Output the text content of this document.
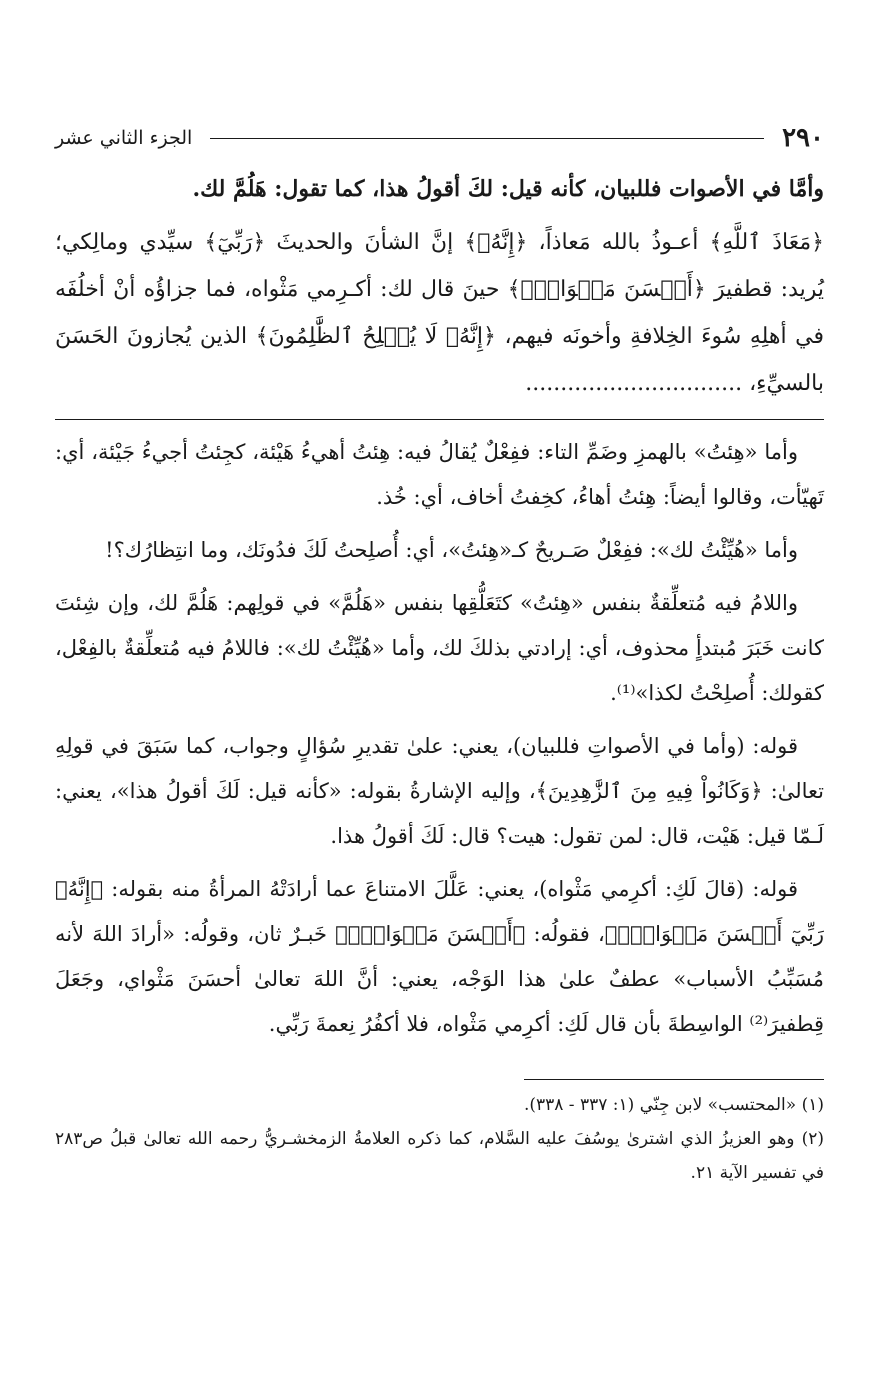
٢٩٠
الجزء الثاني عشر

وأمَّا في الأصوات فللبيان، كأنه قيل: لكَ أقولُ هذا، كما تقول: هَلُمَّ لك.

﴿مَعَاذَ ٱللَّهِ﴾ أعـوذُ بالله مَعاذاً، ﴿إِنَّهُۥ﴾ إنَّ الشأنَ والحديثَ ﴿رَبِّيٓ﴾ سيِّدي ومالِكي؛ يُريد: قطفيرَ ﴿أَحۡسَنَ مَثۡوَايَۖ﴾ حينَ قال لك: أكـرِمي مَثْواه، فما جزاؤُه أنْ أخلُفَه في أهلِهِ سُوءَ الخِلافةِ وأخونَه فيهم، ﴿إِنَّهُۥ لَا يُفۡلِحُ ٱلظَّٰلِمُونَ﴾ الذين يُجازونَ الحَسَنَ بالسيِّءِ، ...............................

وأما «هِئتُ» بالهمزِ وضَمِّ التاء: ففِعْلٌ يُقالُ فيه: هِئتُ أهيءُ هَيْئة، كجِئتُ أجيءُ جَيْئة، أي: تَهيّأت، وقالوا أيضاً: هِئتُ أهاءُ، كخِفتُ أخاف، أي: خُذ.

وأما «هُيِّئْتُ لك»: ففِعْلٌ صَـريحٌ كـ«هِئتُ»، أي: أُصلِحتُ لَكَ فدُونَك، وما انتِظارُك؟!

واللامُ فيه مُتعلِّقةٌ بنفس «هِئتُ» كتَعَلُّقِها بنفس «هَلُمَّ» في قولِهم: هَلُمَّ لك، وإن شِئتَ كانت خَبَرَ مُبتدأٍ محذوف، أي: إرادتي بذلكَ لك، وأما «هُيِّئْتُ لك»: فاللامُ فيه مُتعلِّقةٌ بالفِعْل، كقولك: أُصلِحْتُ لكذا»⁽¹⁾.

قوله: (وأما في الأصواتِ فللبيان)، يعني: علىٰ تقديرِ سُؤالٍ وجواب، كما سَبَقَ في قولِهِ تعالىٰ: ﴿وَكَانُواْ فِيهِ مِنَ ٱلزَّٰهِدِينَ﴾، وإليه الإشارةُ بقوله: «كأنه قيل: لَكَ أقولُ هذا»، يعني: لَـمّا قيل: هَيْت، قال: لمن تقول: هيت؟ قال: لَكَ أقولُ هذا.

قوله: (قالَ لَكِ: أكرِمي مَثْواه)، يعني: عَلَّلَ الامتناعَ عما أرادَتْهُ المرأةُ منه بقوله: ﴿إِنَّهُۥ رَبِّيٓ أَحۡسَنَ مَثۡوَايَۖ﴾، فقولُه: ﴿أَحۡسَنَ مَثۡوَايَۖ﴾ خَبـرٌ ثان، وقولُه: «أرادَ اللهَ لأنه مُسَبِّبُ الأسباب» عطفٌ علىٰ هذا الوَجْه، يعني: أنَّ اللهَ تعالىٰ أحسَنَ مَثْواي، وجَعَلَ قِطفيرَ⁽²⁾ الواسِطةَ بأن قال لَكِ: أكرِمي مَثْواه، فلا أكفُرُ نِعمةَ رَبِّي.

(١) «المحتسب» لابن جِنّي (١: ٣٣٧ - ٣٣٨).

(٢) وهو العزيزُ الذي اشترىٰ يوسُفَ عليه السَّلام، كما ذكره العلامةُ الزمخشـريُّ رحمه الله تعالىٰ قبلُ ص٢٨٣ في تفسير الآية ٢١.
